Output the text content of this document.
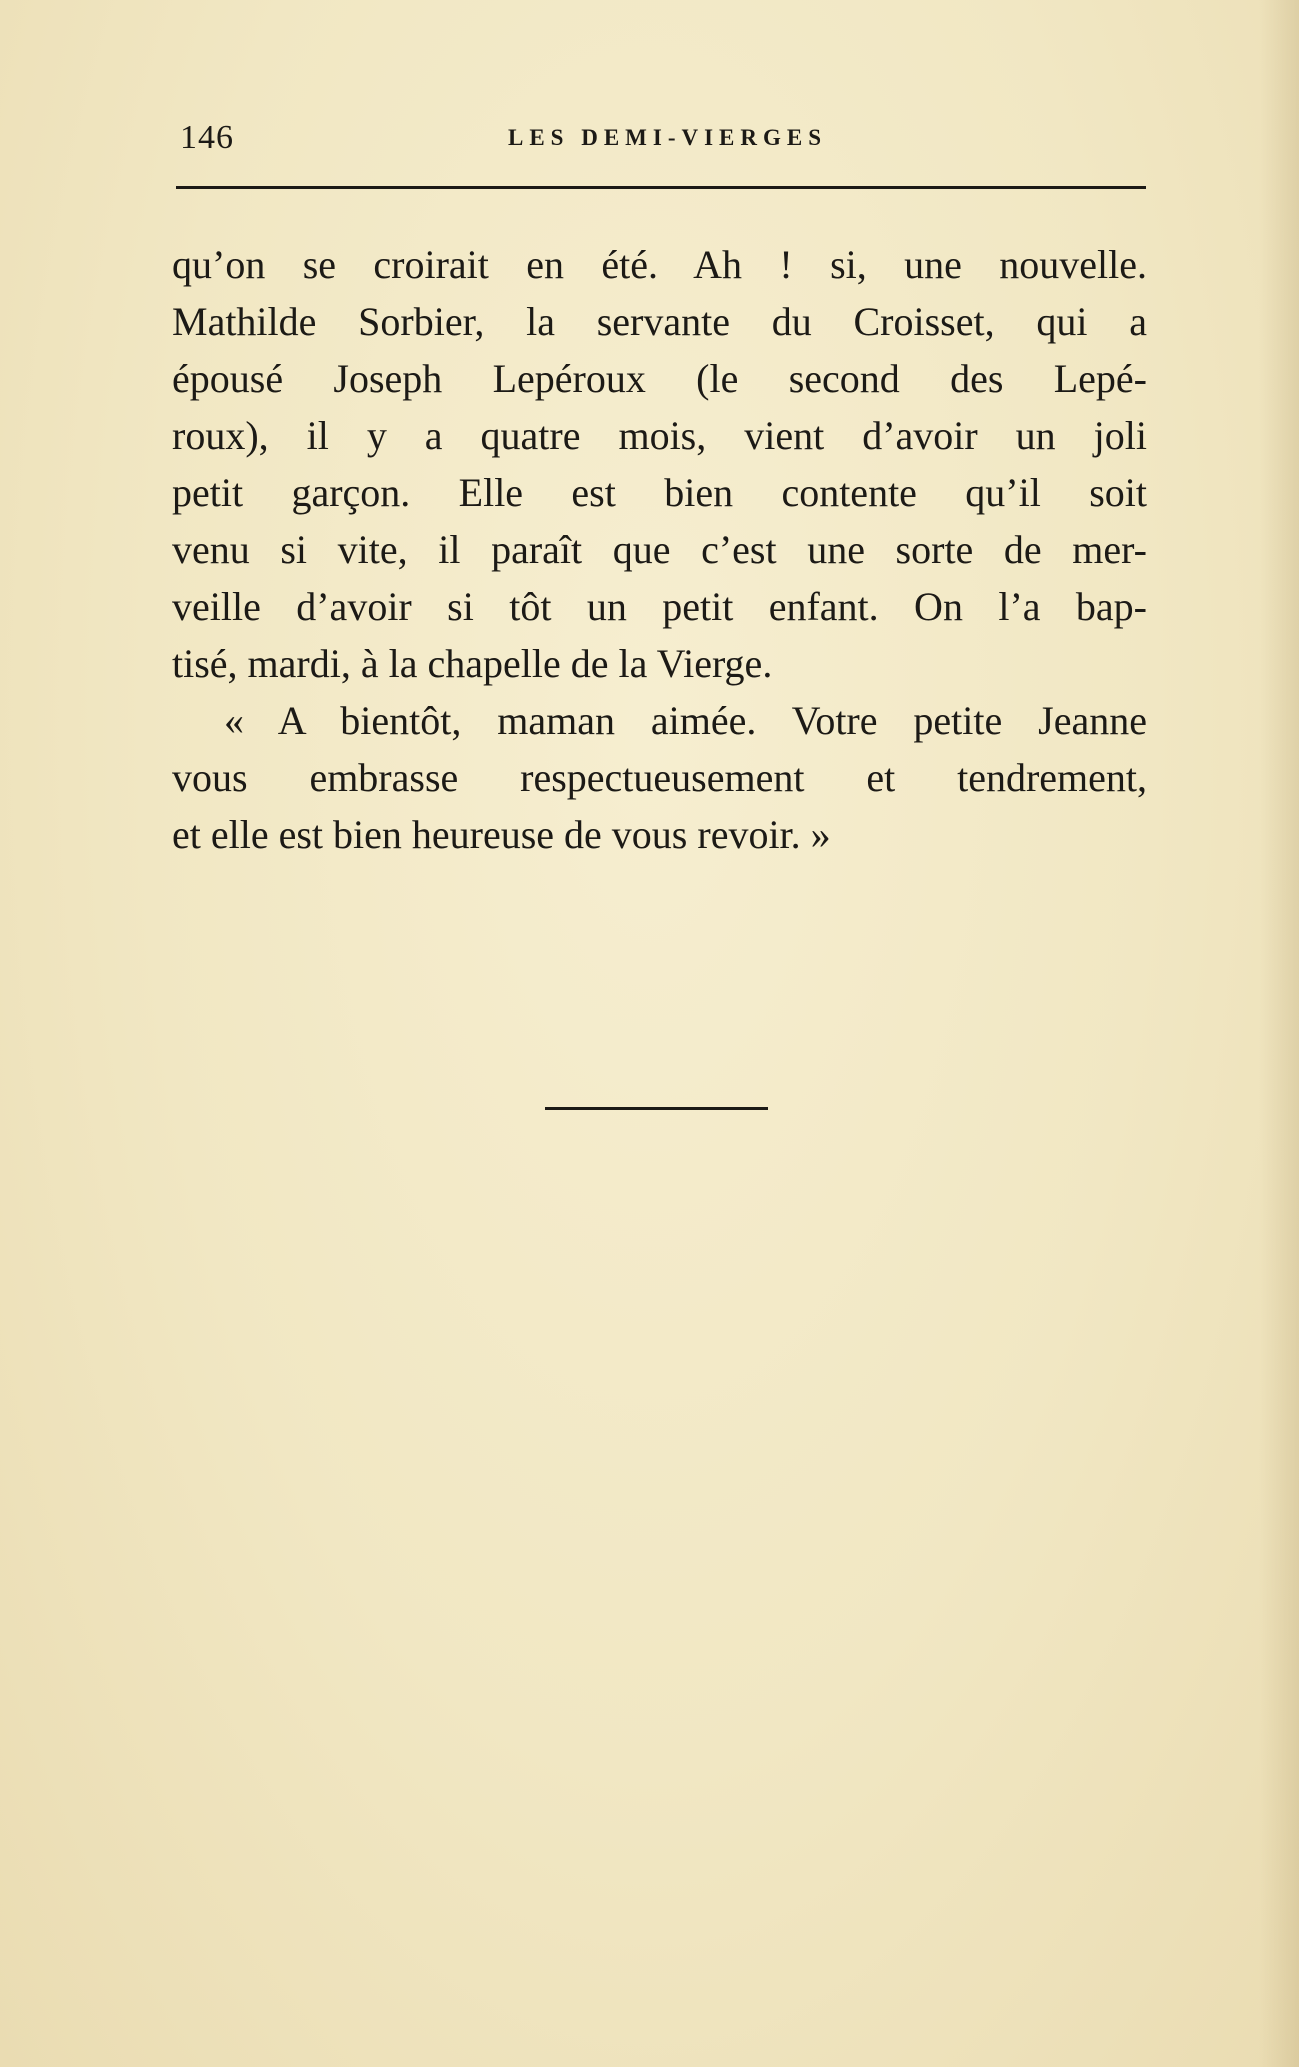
146	LES DEMI-VIERGES
qu’on se croirait en été. Ah ! si, une nouvelle.
Mathilde Sorbier, la servante du Croisset, qui a
épousé Joseph Lepéroux (le second des Lepé-
roux), il y a quatre mois, vient d’avoir un joli
petit garçon. Elle est bien contente qu’il soit
venu si vite, il paraît que c’est une sorte de mer-
veille d’avoir si tôt un petit enfant. On l’a bap-
tisé, mardi, à la chapelle de la Vierge.
« A bientôt, maman aimée. Votre petite Jeanne
vous embrasse respectueusement et tendrement,
et elle est bien heureuse de vous revoir. »
